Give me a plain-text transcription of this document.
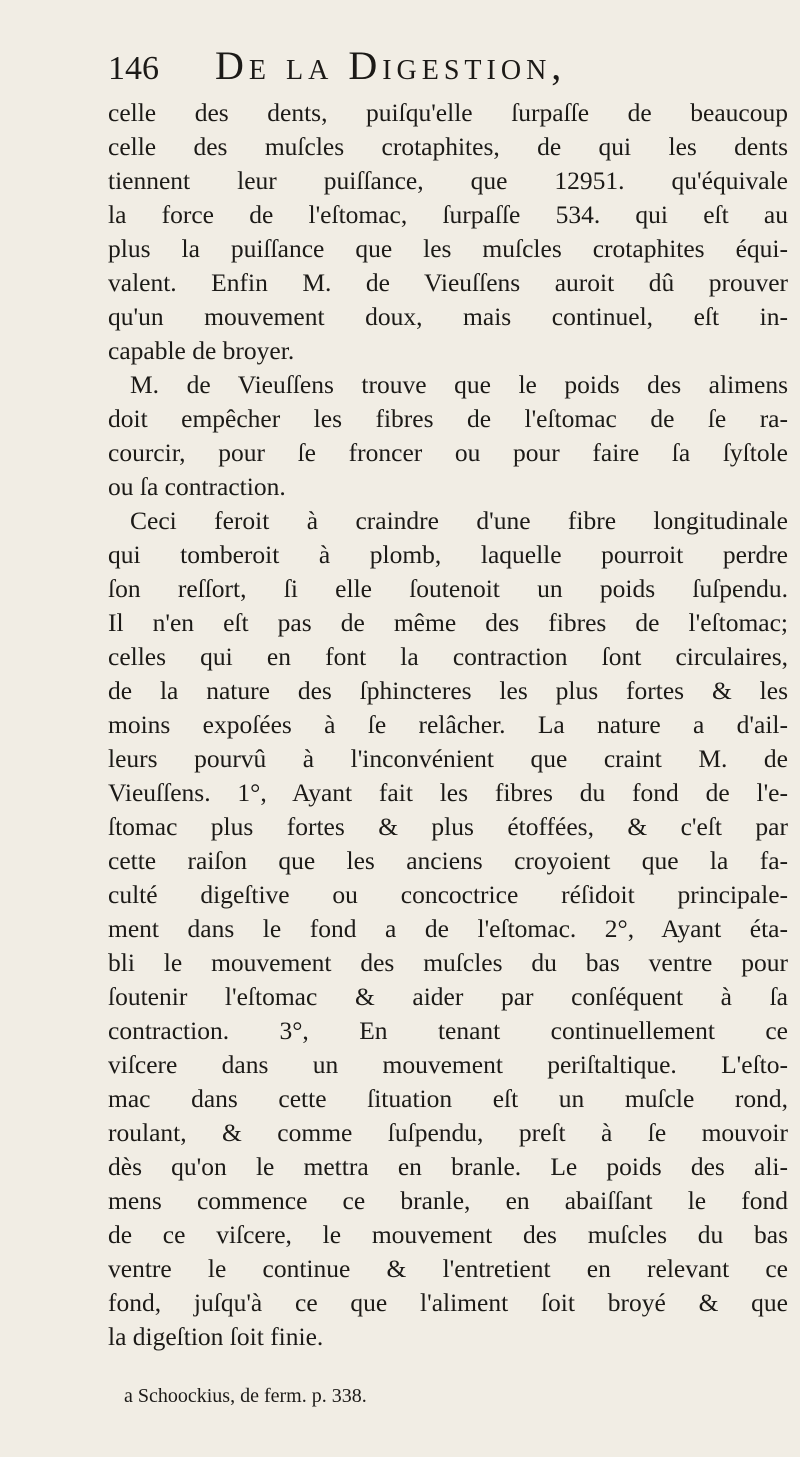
146 De la Digestion,

celle des dents, puiſqu'elle ſurpaſſe de beaucoup
celle des muſcles crotaphites, de qui les dents
tiennent leur puiſſance, que 12951. qu'équivale
la force de l'eſtomac, ſurpaſſe 534. qui eſt au
plus la puiſſance que les muſcles crotaphites équi-
valent. Enfin M. de Vieuſſens auroit dû prouver
qu'un mouvement doux, mais continuel, eſt in-
capable de broyer.

M. de Vieuſſens trouve que le poids des alimens
doit empêcher les fibres de l'eſtomac de ſe ra-
courcir, pour ſe froncer ou pour faire ſa ſyſtole
ou ſa contraction.

Ceci feroit à craindre d'une fibre longitudinale
qui tomberoit à plomb, laquelle pourroit perdre
ſon reſſort, ſi elle ſoutenoit un poids ſuſpendu.
Il n'en eſt pas de même des fibres de l'eſtomac;
celles qui en font la contraction ſont circulaires,
de la nature des ſphincteres les plus fortes & les
moins expoſées à ſe relâcher. La nature a d'ail-
leurs pourvû à l'inconvénient que craint M. de
Vieuſſens. 1°, Ayant fait les fibres du fond de l'e-
ſtomac plus fortes & plus étoffées, & c'eſt par
cette raiſon que les anciens croyoient que la fa-
culté digeſtive ou concoctrice réſidoit principale-
ment dans le fond a de l'eſtomac. 2°, Ayant éta-
bli le mouvement des muſcles du bas ventre pour
ſoutenir l'eſtomac & aider par conſéquent à ſa
contraction. 3°, En tenant continuellement ce
viſcere dans un mouvement periſtaltique. L'eſto-
mac dans cette ſituation eſt un muſcle rond,
roulant, & comme ſuſpendu, preſt à ſe mouvoir
dès qu'on le mettra en branle. Le poids des ali-
mens commence ce branle, en abaiſſant le fond
de ce viſcere, le mouvement des muſcles du bas
ventre le continue & l'entretient en relevant ce
fond, juſqu'à ce que l'aliment ſoit broyé & que
la digeſtion ſoit finie.

a Schoockius, de ferm. p. 338.
